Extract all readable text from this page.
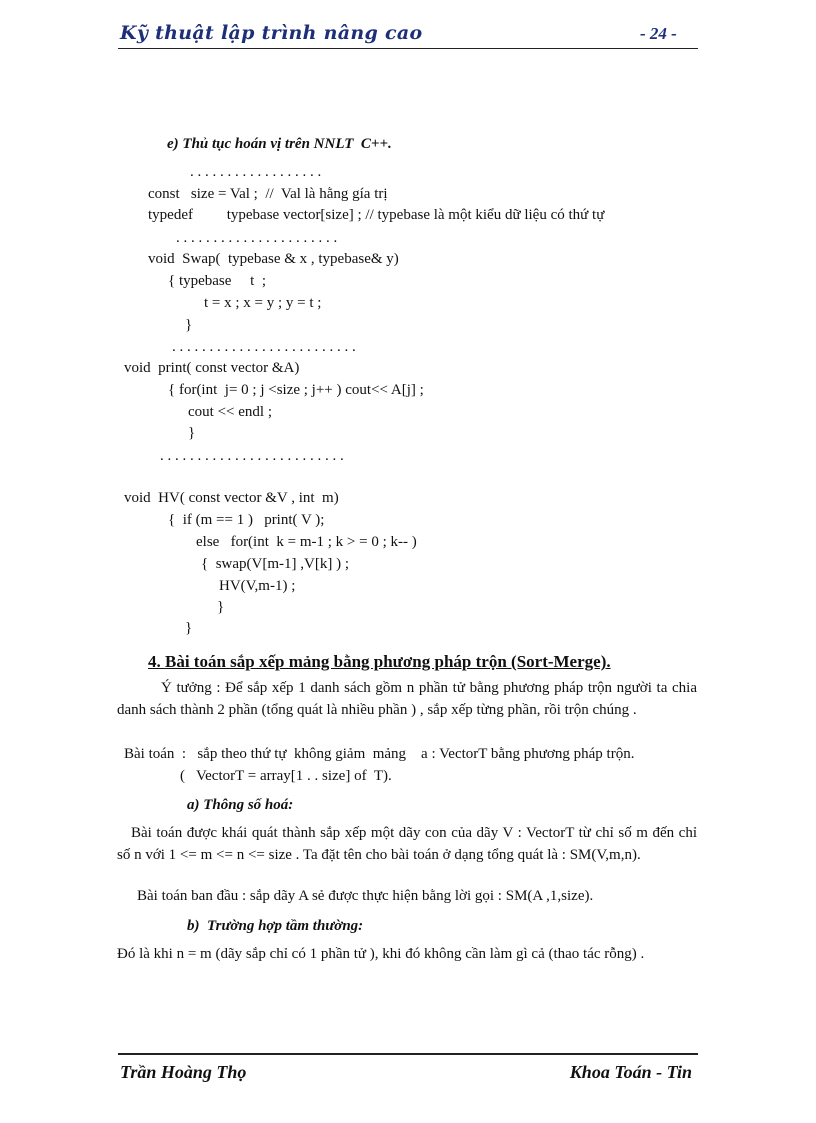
Kỹ thuật lập trình nâng cao	- 24 -
e) Thủ tục hoán vị trên NNLT  C++.
. . . . . . . . . . . . . . . . . .
const   size = Val ;  //  Val là hằng gía trị
typedef         typebase vector[size] ; // typebase là một kiểu dữ liệu có thứ tự
. . . . . . . . . . . . . . . . . . . . . .
void  Swap(  typebase & x , typebase& y)
{ typebase     t  ;
t = x ; x = y ; y = t ;
}
. . . . . . . . . . . . . . . . . . . . . . . . .
void  print( const vector &A)
{ for(int  j= 0 ; j <size ; j++ ) cout<< A[j] ;
cout << endl ;
}
. . . . . . . . . . . . . . . . . . . . . . . . .
void  HV( const vector &V , int  m)
{  if (m == 1 )   print( V );
else   for(int  k = m-1 ; k > = 0 ; k-- )
{  swap(V[m-1] ,V[k] ) ;
HV(V,m-1) ;
}
}
4. Bài toán sắp xếp mảng bằng phương pháp trộn (Sort-Merge).
Ý tưởng : Để sắp xếp 1 danh sách gồm n phần tử bằng phương pháp trộn người ta chia danh sách thành 2 phần (tổng quát là nhiều phần ) , sắp xếp từng phần, rồi trộn chúng .
Bài toán  :   sắp theo thứ tự  không giảm  mảng    a : VectorT bằng phương pháp trộn.
(   VectorT = array[1 . . size] of  T).
a) Thông số hoá:
Bài toán được khái quát thành sắp xếp một dãy con của dãy V : VectorT từ chỉ số m đến chỉ số n với 1 <= m <= n <= size . Ta đặt tên cho bài toán ở dạng tổng quát là : SM(V,m,n).
Bài toán ban đầu : sắp dãy A sẻ được thực hiện bằng lời gọi : SM(A ,1,size).
b)  Trường hợp tầm thường:
Đó là khi n = m (dãy sắp chỉ có 1 phần tử ), khi đó không cần làm gì cả (thao tác rỗng) .
Trần Hoàng Thọ	Khoa Toán - Tin
